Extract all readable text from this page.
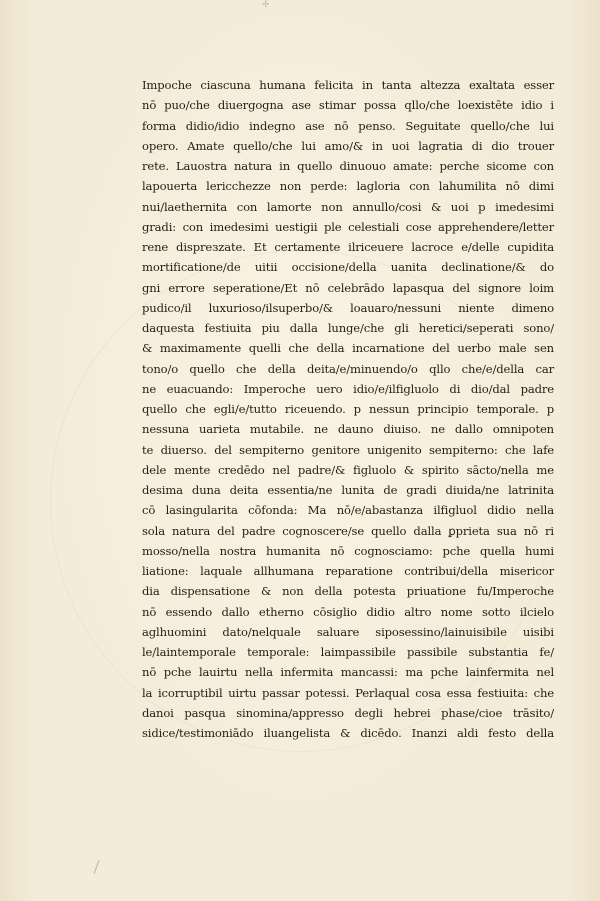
✢
Impoche ciascuna humana felicita in tanta altezza exaltata esser
nō puo/che diuergogna ase stimar possa qllo/che loexistēte idio i
forma didio/idio indegno ase nō penso. Seguitate quello/che lui
opero. Amate quello/che lui amo/& in uoi lagratia di dio trouer
rete. Lauostra natura in quello dinuouo amate: perche sicome con
lapouerta lericchezze non perde: lagloria con lahumilita nō dimi
nui/laethernita con lamorte non annullo/cosi & uoi p imedesimi
gradi: con imedesimi uestigii ple celestiali cose apprehendere/letter
rene dispreзzate. Et certamente ilriceuere lacroce e/delle cupidita
mortificatione/de uitii occisione/della uanita declinatione/& do
gni errore seperatione/Et nō celebrādo lapasqua del signore loim
pudico/il luxurioso/ilsuperbo/& loauaro/nessuni niente dimeno
daquesta festiuita piu dalla lunge/che gli heretici/seperati sono/
& maximamente quelli che della incarnatione del uerbo male sen
tono/o quello che della deita/e/minuendo/o qllo che/e/della car
ne euacuando: Imperoche uero idio/e/ilfigluolo di dio/dal padre
quello che egli/e/tutto riceuendo. p nessun principio temporale. p
nessuna uarieta mutabile. ne dauno diuiso. ne dallo omnipoten
te diuerso. del sempiterno genitore unigenito sempiterno: che lafe
dele mente credēdo nel padre/& figluolo & spirito sācto/nella me
desima duna deita essentia/ne lunita de gradi diuida/ne latrinita
cō lasingularita cōfonda: Ma nō/e/abastanza ilfigluol didio nella
sola natura del padre cognoscere/se quello dalla ꝑprieta sua nō ri
mosso/nella nostra humanita nō cognosciamo: pche quella humi
liatione: laquale allhumana reparatione contribui/della misericor
dia dispensatione & non della potesta priuatione fu/Imperoche
nō essendo dallo etherno cōsiglio didio altro nome sotto ilcielo
aglhuomini dato/nelquale saluare siposessino/lainuisibile uisibi
le/laintemporale temporale: laimpassibile passibile substantia fe/
nō pche lauirtu nella infermita mancassi: ma pche lainfermita nel
la icorruptibil uirtu passar potessi. Perlaqual cosa essa festiuita: che
danoi pasqua sinomina/appresso degli hebrei phase/cioe trāsito/
sidice/testimoniādo iluangelista & dicēdo. Inanzi aldi festo della
